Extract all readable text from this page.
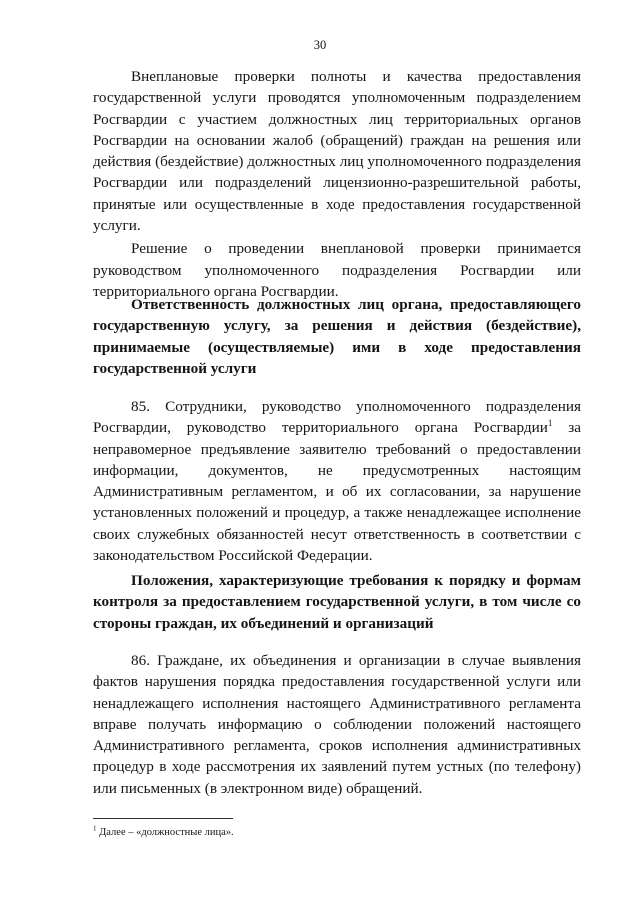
30

Внеплановые проверки полноты и качества предоставления государственной услуги проводятся уполномоченным подразделением Росгвардии с участием должностных лиц территориальных органов Росгвардии на основании жалоб (обращений) граждан на решения или действия (бездействие) должностных лиц уполномоченного подразделения Росгвардии или подразделений лицензионно-разрешительной работы, принятые или осуществленные в ходе предоставления государственной услуги.

Решение о проведении внеплановой проверки принимается руководством уполномоченного подразделения Росгвардии или территориального органа Росгвардии.

Ответственность должностных лиц органа, предоставляющего государственную услугу, за решения и действия (бездействие), принимаемые (осуществляемые) ими в ходе предоставления государственной услуги

85. Сотрудники, руководство уполномоченного подразделения Росгвардии, руководство территориального органа Росгвардии$^1$ за неправомерное предъявление заявителю требований о предоставлении информации, документов, не предусмотренных настоящим Административным регламентом, и об их согласовании, за нарушение установленных положений и процедур, а также ненадлежащее исполнение своих служебных обязанностей несут ответственность в соответствии с законодательством Российской Федерации.

Положения, характеризующие требования к порядку и формам контроля за предоставлением государственной услуги, в том числе со стороны граждан, их объединений и организаций

86. Граждане, их объединения и организации в случае выявления фактов нарушения порядка предоставления государственной услуги или ненадлежащего исполнения настоящего Административного регламента вправе получать информацию о соблюдении положений настоящего Административного регламента, сроков исполнения административных процедур в ходе рассмотрения их заявлений путем устных (по телефону) или письменных (в электронном виде) обращений.

$^1$ Далее – «должностные лица».
